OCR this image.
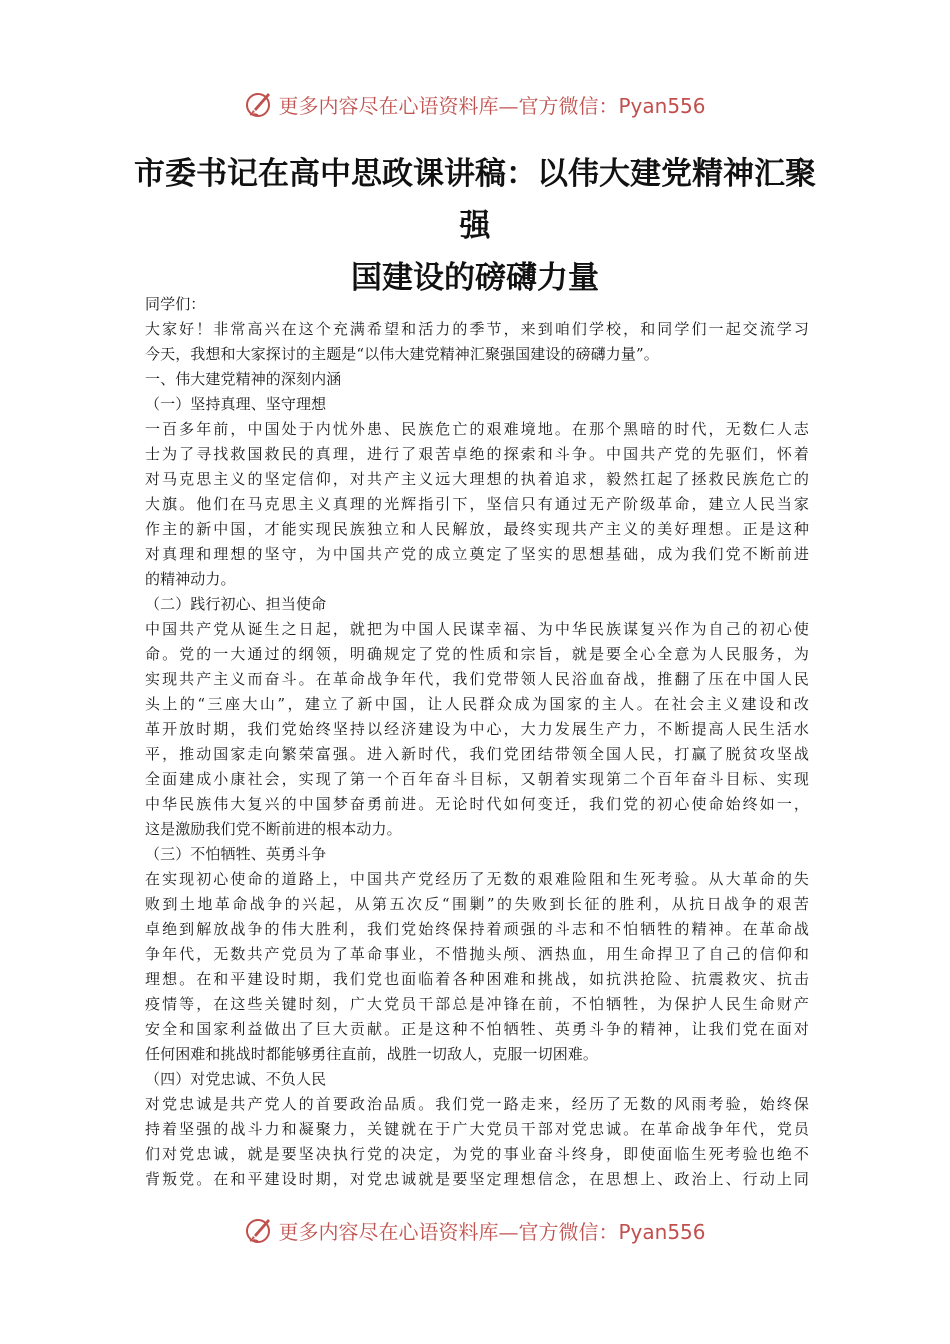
更多内容尽在心语资料库—官方微信：Pyan556
市委书记在高中思政课讲稿：以伟大建党精神汇聚强
国建设的磅礴力量

同学们：

大家好！非常高兴在这个充满希望和活力的季节，来到咱们学校，和同学们一起交流学习

今天，我想和大家探讨的主题是“以伟大建党精神汇聚强国建设的磅礴力量”。

一、伟大建党精神的深刻内涵

（一）坚持真理、坚守理想

一百多年前，中国处于内忧外患、民族危亡的艰难境地。在那个黑暗的时代，无数仁人志

士为了寻找救国救民的真理，进行了艰苦卓绝的探索和斗争。中国共产党的先驱们，怀着

对马克思主义的坚定信仰，对共产主义远大理想的执着追求，毅然扛起了拯救民族危亡的

大旗。他们在马克思主义真理的光辉指引下，坚信只有通过无产阶级革命，建立人民当家

作主的新中国，才能实现民族独立和人民解放，最终实现共产主义的美好理想。正是这种

对真理和理想的坚守，为中国共产党的成立奠定了坚实的思想基础，成为我们党不断前进

的精神动力。

（二）践行初心、担当使命

中国共产党从诞生之日起，就把为中国人民谋幸福、为中华民族谋复兴作为自己的初心使

命。党的一大通过的纲领，明确规定了党的性质和宗旨，就是要全心全意为人民服务，为

实现共产主义而奋斗。在革命战争年代，我们党带领人民浴血奋战，推翻了压在中国人民

头上的“三座大山”，建立了新中国，让人民群众成为国家的主人。在社会主义建设和改

革开放时期，我们党始终坚持以经济建设为中心，大力发展生产力，不断提高人民生活水

平，推动国家走向繁荣富强。进入新时代，我们党团结带领全国人民，打赢了脱贫攻坚战

全面建成小康社会，实现了第一个百年奋斗目标，又朝着实现第二个百年奋斗目标、实现

中华民族伟大复兴的中国梦奋勇前进。无论时代如何变迁，我们党的初心使命始终如一，

这是激励我们党不断前进的根本动力。

（三）不怕牺牲、英勇斗争

在实现初心使命的道路上，中国共产党经历了无数的艰难险阻和生死考验。从大革命的失

败到土地革命战争的兴起，从第五次反“围剿”的失败到长征的胜利，从抗日战争的艰苦

卓绝到解放战争的伟大胜利，我们党始终保持着顽强的斗志和不怕牺牲的精神。在革命战

争年代，无数共产党员为了革命事业，不惜抛头颅、洒热血，用生命捍卫了自己的信仰和

理想。在和平建设时期，我们党也面临着各种困难和挑战，如抗洪抢险、抗震救灾、抗击

疫情等，在这些关键时刻，广大党员干部总是冲锋在前，不怕牺牲，为保护人民生命财产

安全和国家利益做出了巨大贡献。正是这种不怕牺牲、英勇斗争的精神，让我们党在面对

任何困难和挑战时都能够勇往直前，战胜一切敌人，克服一切困难。

（四）对党忠诚、不负人民

对党忠诚是共产党人的首要政治品质。我们党一路走来，经历了无数的风雨考验，始终保

持着坚强的战斗力和凝聚力，关键就在于广大党员干部对党忠诚。在革命战争年代，党员

们对党忠诚，就是要坚决执行党的决定，为党的事业奋斗终身，即使面临生死考验也绝不

背叛党。在和平建设时期，对党忠诚就是要坚定理想信念，在思想上、政治上、行动上同

更多内容尽在心语资料库—官方微信：Pyan556
